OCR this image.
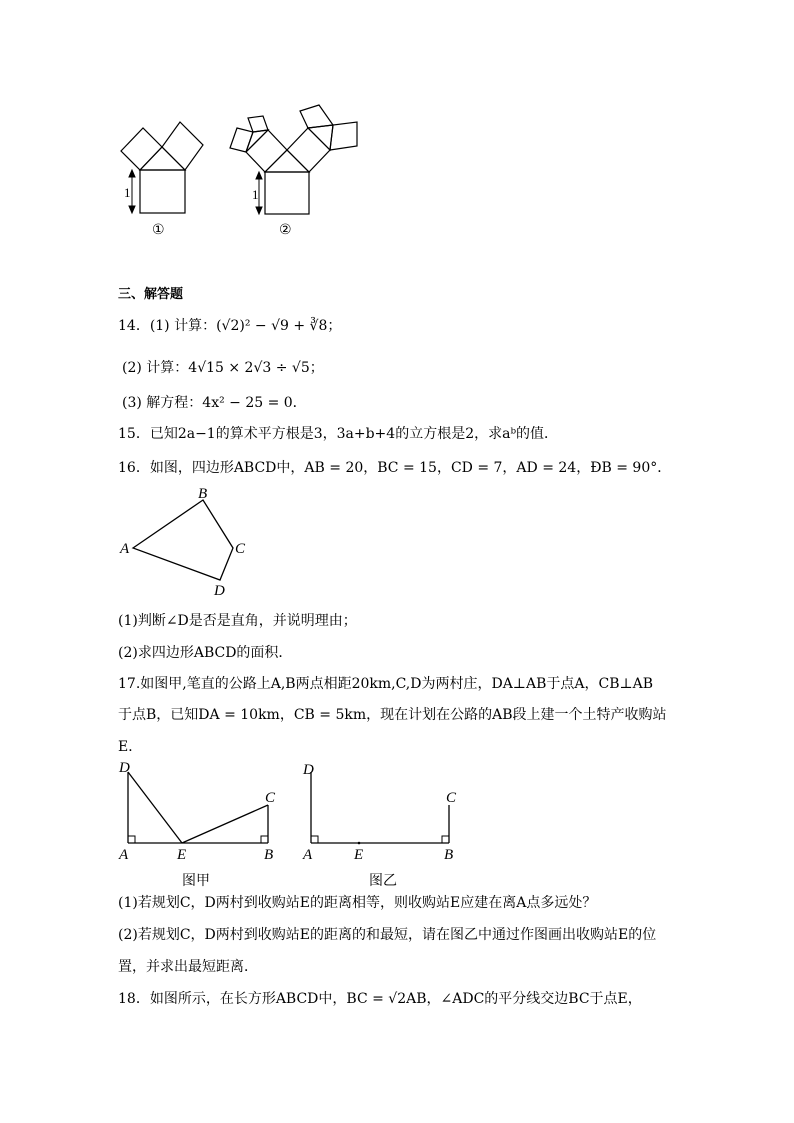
1
①
1
②
三、解答题
14．(1) 计算：(√2)² − √9 + ∛8；
(2) 计算：4√15 × 2√3 ÷ √5；
(3) 解方程：4x² − 25 = 0．
15．已知2a−1的算术平方根是3，3a+b+4的立方根是2，求aᵇ的值．
16．如图，四边形ABCD中，AB = 20，BC = 15，CD = 7，AD = 24，ÐB = 90°．
B
A	C
D
(1)判断∠D是否是直角，并说明理由；
(2)求四边形ABCD的面积．
17.如图甲,笔直的公路上A,B两点相距20km,C,D为两村庄，DA⊥AB于点A，CB⊥AB
于点B，已知DA = 10km，CB = 5km，现在计划在公路的AB段上建一个土特产收购站
E．
D
A	E	B
C
图甲
D
A	E	B
C
图乙
(1)若规划C，D两村到收购站E的距离相等，则收购站E应建在离A点多远处？
(2)若规划C，D两村到收购站E的距离的和最短，请在图乙中通过作图画出收购站E的位
置，并求出最短距离．
18．如图所示，在长方形ABCD中，BC = √2AB，∠ADC的平分线交边BC于点E，
